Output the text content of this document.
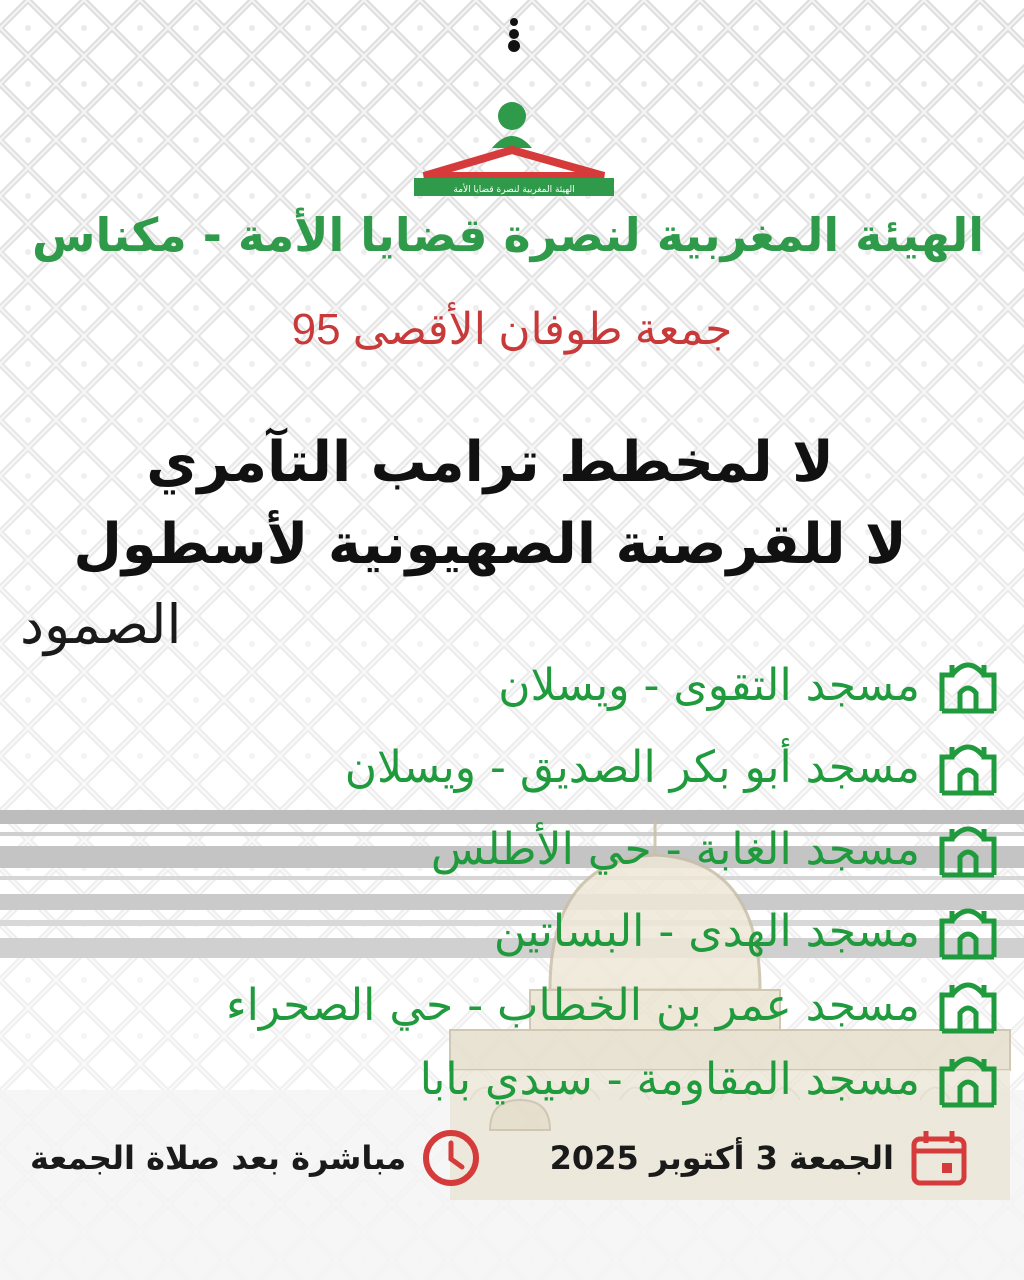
الهيئة المغربية لنصرة قضايا الأمة
الهيئة المغربية لنصرة قضايا الأمة - مكناس
جمعة طوفان الأقصى 95
لا لمخطط ترامب التآمري
لا للقرصنة الصهيونية لأسطول
الصمود
مسجد التقوى - ويسلان
مسجد أبو بكر الصديق - ويسلان
مسجد الغابة - حي الأطلس
مسجد الهدى - البساتين
مسجد عمر بن الخطاب - حي الصحراء
مسجد المقاومة - سيدي بابا
الجمعة 3 أكتوبر 2025
مباشرة بعد صلاة الجمعة
